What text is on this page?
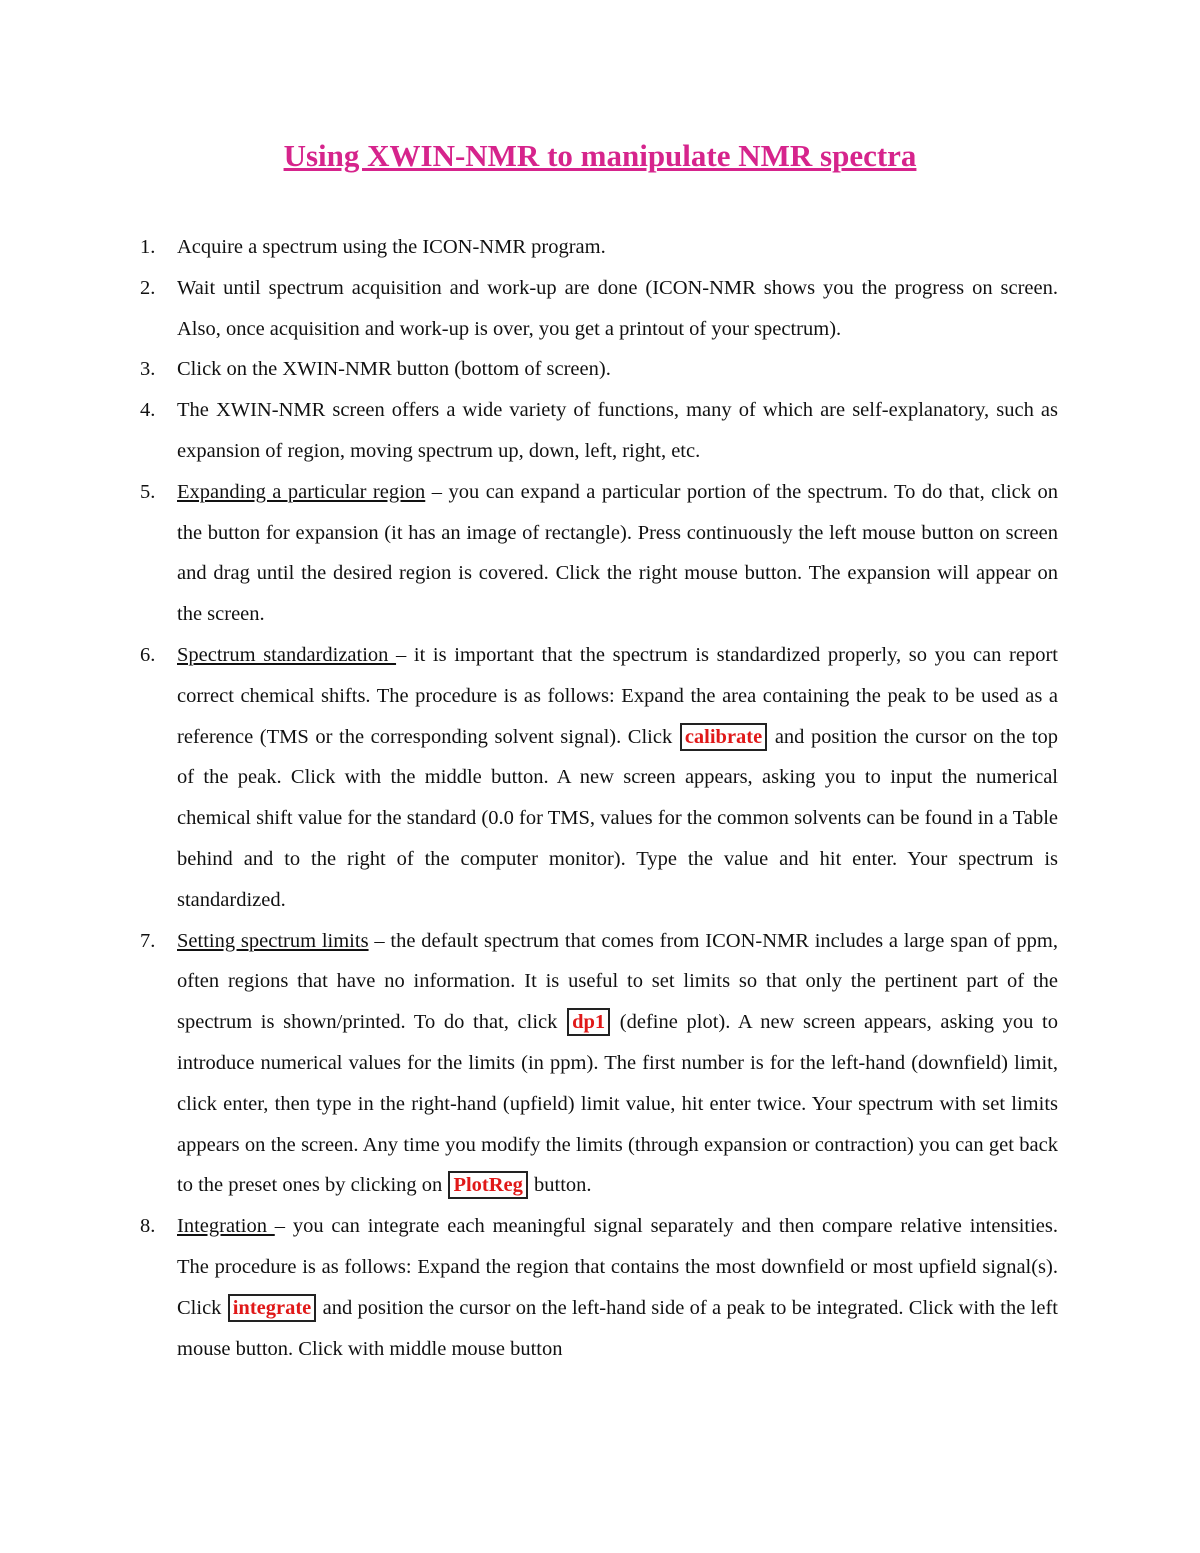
Using XWIN-NMR to manipulate NMR spectra
1. Acquire a spectrum using the ICON-NMR program.
2. Wait until spectrum acquisition and work-up are done (ICON-NMR shows you the progress on screen. Also, once acquisition and work-up is over, you get a printout of your spectrum).
3. Click on the XWIN-NMR button (bottom of screen).
4. The XWIN-NMR screen offers a wide variety of functions, many of which are self-explanatory, such as expansion of region, moving spectrum up, down, left, right, etc.
5. Expanding a particular region – you can expand a particular portion of the spectrum. To do that, click on the button for expansion (it has an image of rectangle). Press continuously the left mouse button on screen and drag until the desired region is covered. Click the right mouse button. The expansion will appear on the screen.
6. Spectrum standardization – it is important that the spectrum is standardized properly, so you can report correct chemical shifts. The procedure is as follows: Expand the area containing the peak to be used as a reference (TMS or the corresponding solvent signal). Click calibrate and position the cursor on the top of the peak. Click with the middle button. A new screen appears, asking you to input the numerical chemical shift value for the standard (0.0 for TMS, values for the common solvents can be found in a Table behind and to the right of the computer monitor). Type the value and hit enter. Your spectrum is standardized.
7. Setting spectrum limits – the default spectrum that comes from ICON-NMR includes a large span of ppm, often regions that have no information. It is useful to set limits so that only the pertinent part of the spectrum is shown/printed. To do that, click dp1 (define plot). A new screen appears, asking you to introduce numerical values for the limits (in ppm). The first number is for the left-hand (downfield) limit, click enter, then type in the right-hand (upfield) limit value, hit enter twice. Your spectrum with set limits appears on the screen. Any time you modify the limits (through expansion or contraction) you can get back to the preset ones by clicking on PlotReg button.
8. Integration – you can integrate each meaningful signal separately and then compare relative intensities. The procedure is as follows: Expand the region that contains the most downfield or most upfield signal(s). Click integrate and position the cursor on the left-hand side of a peak to be integrated. Click with the left mouse button. Click with middle mouse button
